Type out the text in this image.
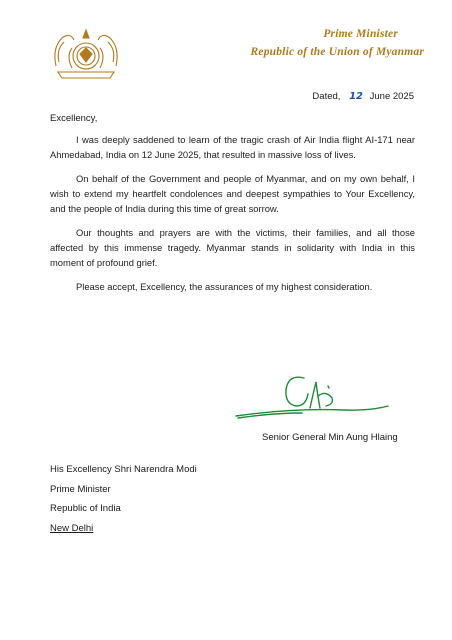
Prime Minister
Republic of the Union of Myanmar
Dated, 12 June 2025
Excellency,

I was deeply saddened to learn of the tragic crash of Air India flight AI-171 near Ahmedabad, India on 12 June 2025, that resulted in massive loss of lives.

On behalf of the Government and people of Myanmar, and on my own behalf, I wish to extend my heartfelt condolences and deepest sympathies to Your Excellency, and the people of India during this time of great sorrow.

Our thoughts and prayers are with the victims, their families, and all those affected by this immense tragedy. Myanmar stands in solidarity with India in this moment of profound grief.

Please accept, Excellency, the assurances of my highest consideration.

Senior General Min Aung Hlaing
His Excellency Shri Narendra Modi
Prime Minister
Republic of India
New Delhi
